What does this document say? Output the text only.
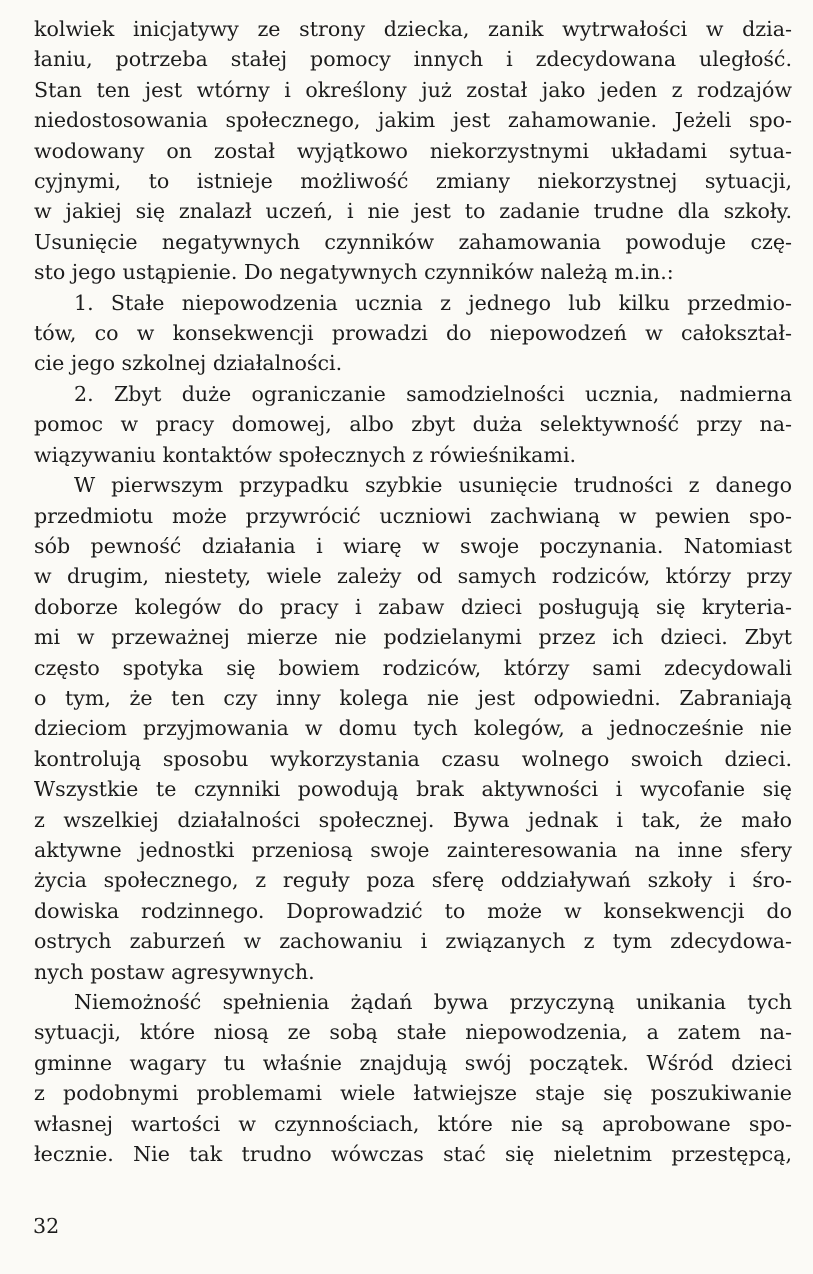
kolwiek inicjatywy ze strony dziecka, zanik wytrwałości w dzia-
łaniu, potrzeba stałej pomocy innych i zdecydowana uległość.
Stan ten jest wtórny i określony już został jako jeden z rodzajów
niedostosowania społecznego, jakim jest zahamowanie. Jeżeli spo-
wodowany on został wyjątkowo niekorzystnymi układami sytua-
cyjnymi, to istnieje możliwość zmiany niekorzystnej sytuacji,
w jakiej się znalazł uczeń, i nie jest to zadanie trudne dla szkoły.
Usunięcie negatywnych czynników zahamowania powoduje czę-
sto jego ustąpienie. Do negatywnych czynników należą m.in.:
1. Stałe niepowodzenia ucznia z jednego lub kilku przedmio-
tów, co w konsekwencji prowadzi do niepowodzeń w całokształ-
cie jego szkolnej działalności.
2. Zbyt duże ograniczanie samodzielności ucznia, nadmierna
pomoc w pracy domowej, albo zbyt duża selektywność przy na-
wiązywaniu kontaktów społecznych z rówieśnikami.
W pierwszym przypadku szybkie usunięcie trudności z danego
przedmiotu może przywrócić uczniowi zachwianą w pewien spo-
sób pewność działania i wiarę w swoje poczynania. Natomiast
w drugim, niestety, wiele zależy od samych rodziców, którzy przy
doborze kolegów do pracy i zabaw dzieci posługują się kryteria-
mi w przeważnej mierze nie podzielanymi przez ich dzieci. Zbyt
często spotyka się bowiem rodziców, którzy sami zdecydowali
o tym, że ten czy inny kolega nie jest odpowiedni. Zabraniają
dzieciom przyjmowania w domu tych kolegów, a jednocześnie nie
kontrolują sposobu wykorzystania czasu wolnego swoich dzieci.
Wszystkie te czynniki powodują brak aktywności i wycofanie się
z wszelkiej działalności społecznej. Bywa jednak i tak, że mało
aktywne jednostki przeniosą swoje zainteresowania na inne sfery
życia społecznego, z reguły poza sferę oddziaływań szkoły i śro-
dowiska rodzinnego. Doprowadzić to może w konsekwencji do
ostrych zaburzeń w zachowaniu i związanych z tym zdecydowa-
nych postaw agresywnych.
Niemożność spełnienia żądań bywa przyczyną unikania tych
sytuacji, które niosą ze sobą stałe niepowodzenia, a zatem na-
gminne wagary tu właśnie znajdują swój początek. Wśród dzieci
z podobnymi problemami wiele łatwiejsze staje się poszukiwanie
własnej wartości w czynnościach, które nie są aprobowane spo-
łecznie. Nie tak trudno wówczas stać się nieletnim przestępcą,
32
